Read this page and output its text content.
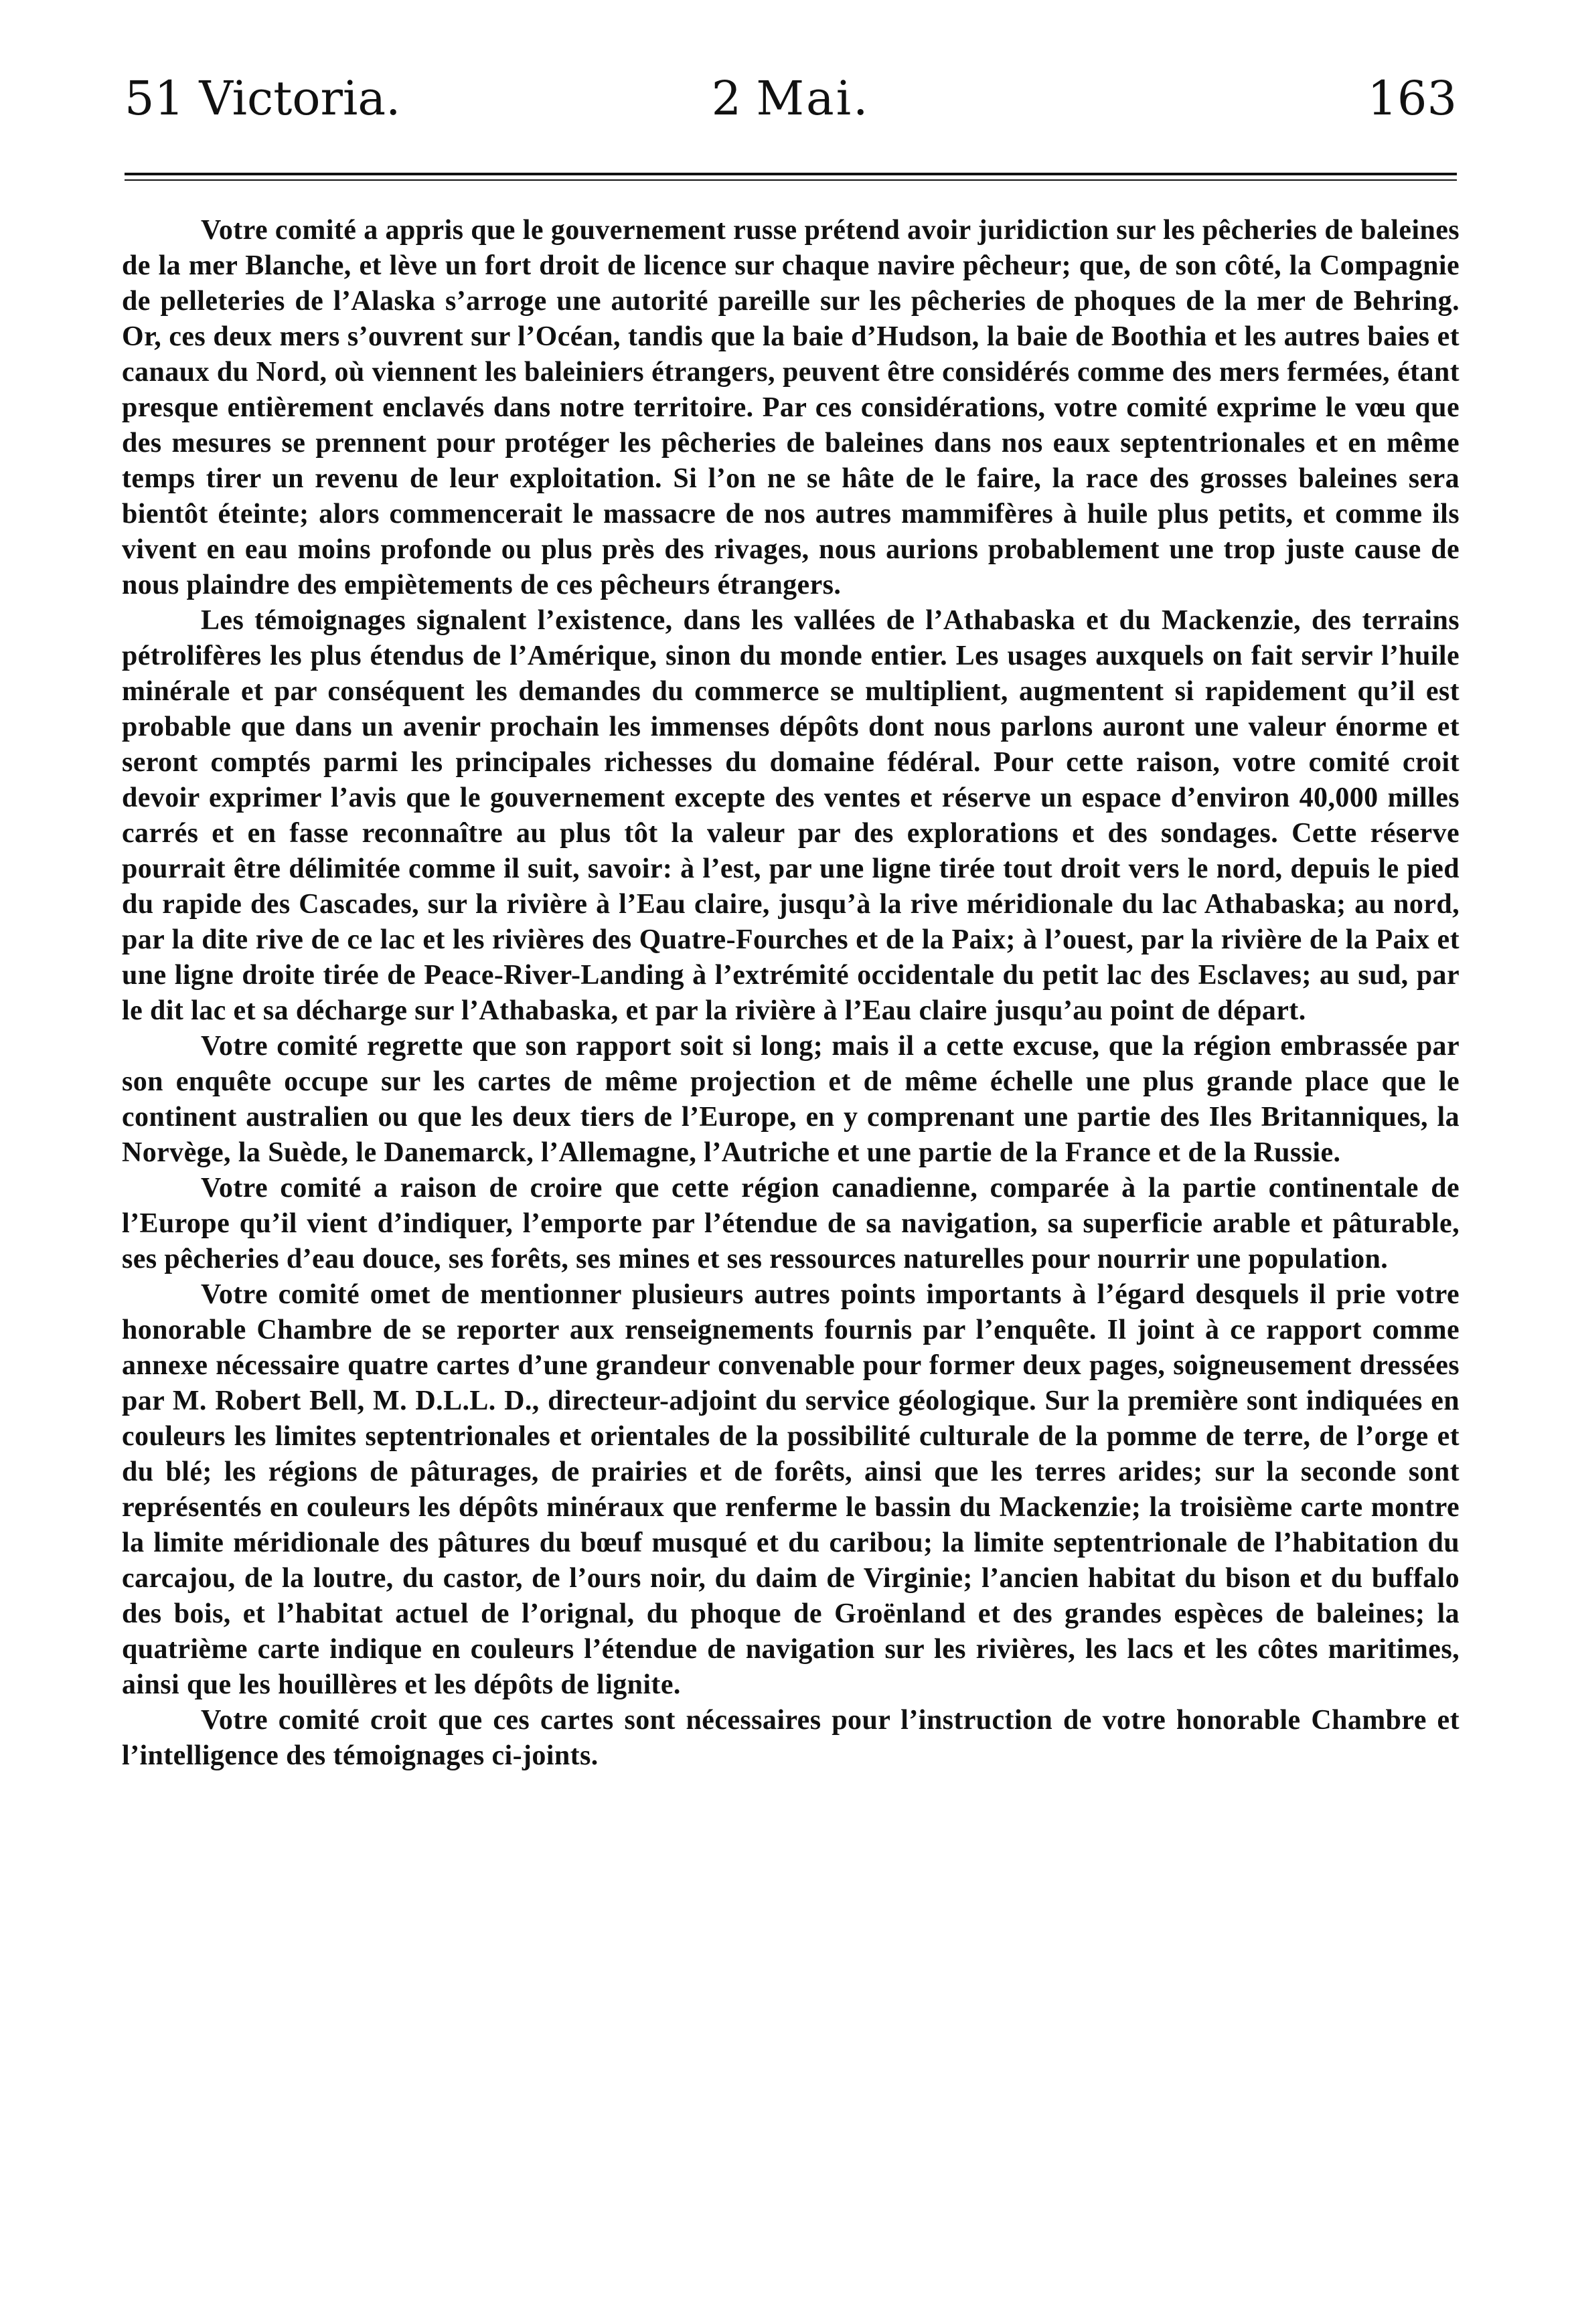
51 Victoria.	2 Mai.	163

Votre comité a appris que le gouvernement russe prétend avoir juridiction sur les pêcheries de baleines de la mer Blanche, et lève un fort droit de licence sur chaque navire pêcheur; que, de son côté, la Compagnie de pelleteries de l’Alaska s’arroge une autorité pareille sur les pêcheries de phoques de la mer de Behring. Or, ces deux mers s’ouvrent sur l’Océan, tandis que la baie d’Hudson, la baie de Boothia et les autres baies et canaux du Nord, où viennent les baleiniers étrangers, peuvent être considérés comme des mers fermées, étant presque entièrement enclavés dans notre territoire. Par ces considérations, votre comité exprime le vœu que des mesures se prennent pour protéger les pêcheries de baleines dans nos eaux septentrionales et en même temps tirer un revenu de leur exploitation. Si l’on ne se hâte de le faire, la race des grosses baleines sera bientôt éteinte; alors commencerait le massacre de nos autres mammifères à huile plus petits, et comme ils vivent en eau moins profonde ou plus près des rivages, nous aurions probablement une trop juste cause de nous plaindre des empiètements de ces pêcheurs étrangers.

Les témoignages signalent l’existence, dans les vallées de l’Athabaska et du Mackenzie, des terrains pétrolifères les plus étendus de l’Amérique, sinon du monde entier. Les usages auxquels on fait servir l’huile minérale et par conséquent les demandes du commerce se multiplient, augmentent si rapidement qu’il est probable que dans un avenir prochain les immenses dépôts dont nous parlons auront une valeur énorme et seront comptés parmi les principales richesses du domaine fédéral. Pour cette raison, votre comité croit devoir exprimer l’avis que le gouvernement excepte des ventes et réserve un espace d’environ 40,000 milles carrés et en fasse reconnaître au plus tôt la valeur par des explorations et des sondages. Cette réserve pourrait être délimitée comme il suit, savoir: à l’est, par une ligne tirée tout droit vers le nord, depuis le pied du rapide des Cascades, sur la rivière à l’Eau claire, jusqu’à la rive méridionale du lac Athabaska; au nord, par la dite rive de ce lac et les rivières des Quatre-Fourches et de la Paix; à l’ouest, par la rivière de la Paix et une ligne droite tirée de Peace-River-Landing à l’extrémité occidentale du petit lac des Esclaves; au sud, par le dit lac et sa décharge sur l’Athabaska, et par la rivière à l’Eau claire jusqu’au point de départ.

Votre comité regrette que son rapport soit si long; mais il a cette excuse, que la région embrassée par son enquête occupe sur les cartes de même projection et de même échelle une plus grande place que le continent australien ou que les deux tiers de l’Europe, en y comprenant une partie des Iles Britanniques, la Norvège, la Suède, le Danemarck, l’Allemagne, l’Autriche et une partie de la France et de la Russie.

Votre comité a raison de croire que cette région canadienne, comparée à la partie continentale de l’Europe qu’il vient d’indiquer, l’emporte par l’étendue de sa navigation, sa superficie arable et pâturable, ses pêcheries d’eau douce, ses forêts, ses mines et ses ressources naturelles pour nourrir une population.

Votre comité omet de mentionner plusieurs autres points importants à l’égard desquels il prie votre honorable Chambre de se reporter aux renseignements fournis par l’enquête. Il joint à ce rapport comme annexe nécessaire quatre cartes d’une grandeur convenable pour former deux pages, soigneusement dressées par M. Robert Bell, M. D.L.L. D., directeur-adjoint du service géologique. Sur la première sont indiquées en couleurs les limites septentrionales et orientales de la possibilité culturale de la pomme de terre, de l’orge et du blé; les régions de pâturages, de prairies et de forêts, ainsi que les terres arides; sur la seconde sont représentés en couleurs les dépôts minéraux que renferme le bassin du Mackenzie; la troisième carte montre la limite méridionale des pâtures du bœuf musqué et du caribou; la limite septentrionale de l’habitation du carcajou, de la loutre, du castor, de l’ours noir, du daim de Virginie; l’ancien habitat du bison et du buffalo des bois, et l’habitat actuel de l’orignal, du phoque de Groënland et des grandes espèces de baleines; la quatrième carte indique en couleurs l’étendue de navigation sur les rivières, les lacs et les côtes maritimes, ainsi que les houillères et les dépôts de lignite.

Votre comité croit que ces cartes sont nécessaires pour l’instruction de votre honorable Chambre et l’intelligence des témoignages ci-joints.
